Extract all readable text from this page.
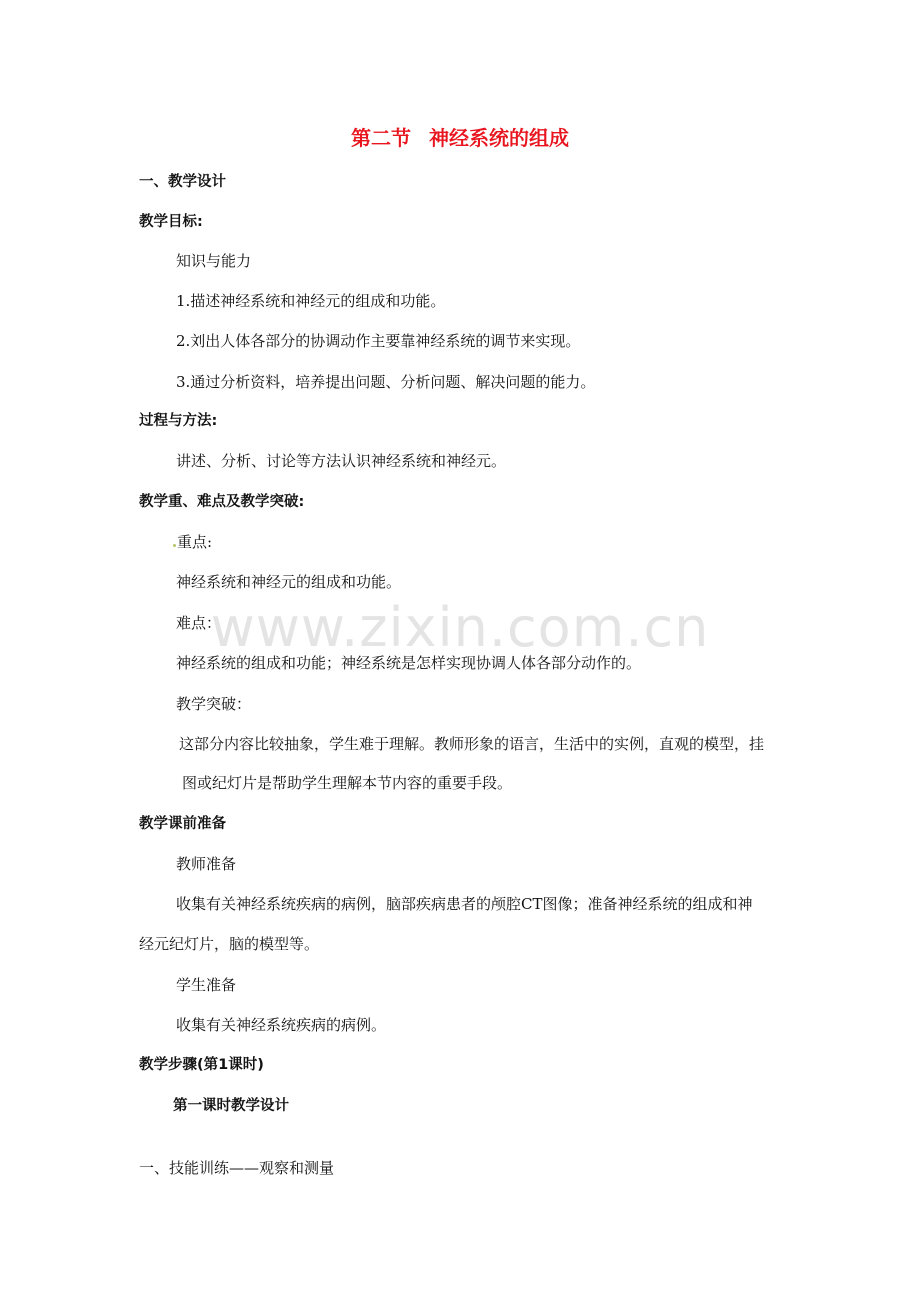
第二节 神经系统的组成
www.zixin.com.cn
一、教学设计
教学目标:
知识与能力
1.描述神经系统和神经元的组成和功能。
2.刘出人体各部分的协调动作主要靠神经系统的调节来实现。
3.通过分析资料，培养提出问题、分析问题、解决问题的能力。
过程与方法:
讲述、分析、讨论等方法认识神经系统和神经元。
教学重、难点及教学突破:
重点:
神经系统和神经元的组成和功能。
难点：
神经系统的组成和功能；神经系统是怎样实现协调人体各部分动作的。
教学突破：
这部分内容比较抽象，学生难于理解。教师形象的语言，生活中的实例，直观的模型，挂
图或纪灯片是帮助学生理解本节内容的重要手段。
教学课前准备
教师准备
收集有关神经系统疾病的病例，脑部疾病患者的颅腔CT图像；准备神经系统的组成和神
经元纪灯片，脑的模型等。
学生准备
收集有关神经系统疾病的病例。
教学步骤(第1课时)
第一课时教学设计
一、技能训练——观察和测量
